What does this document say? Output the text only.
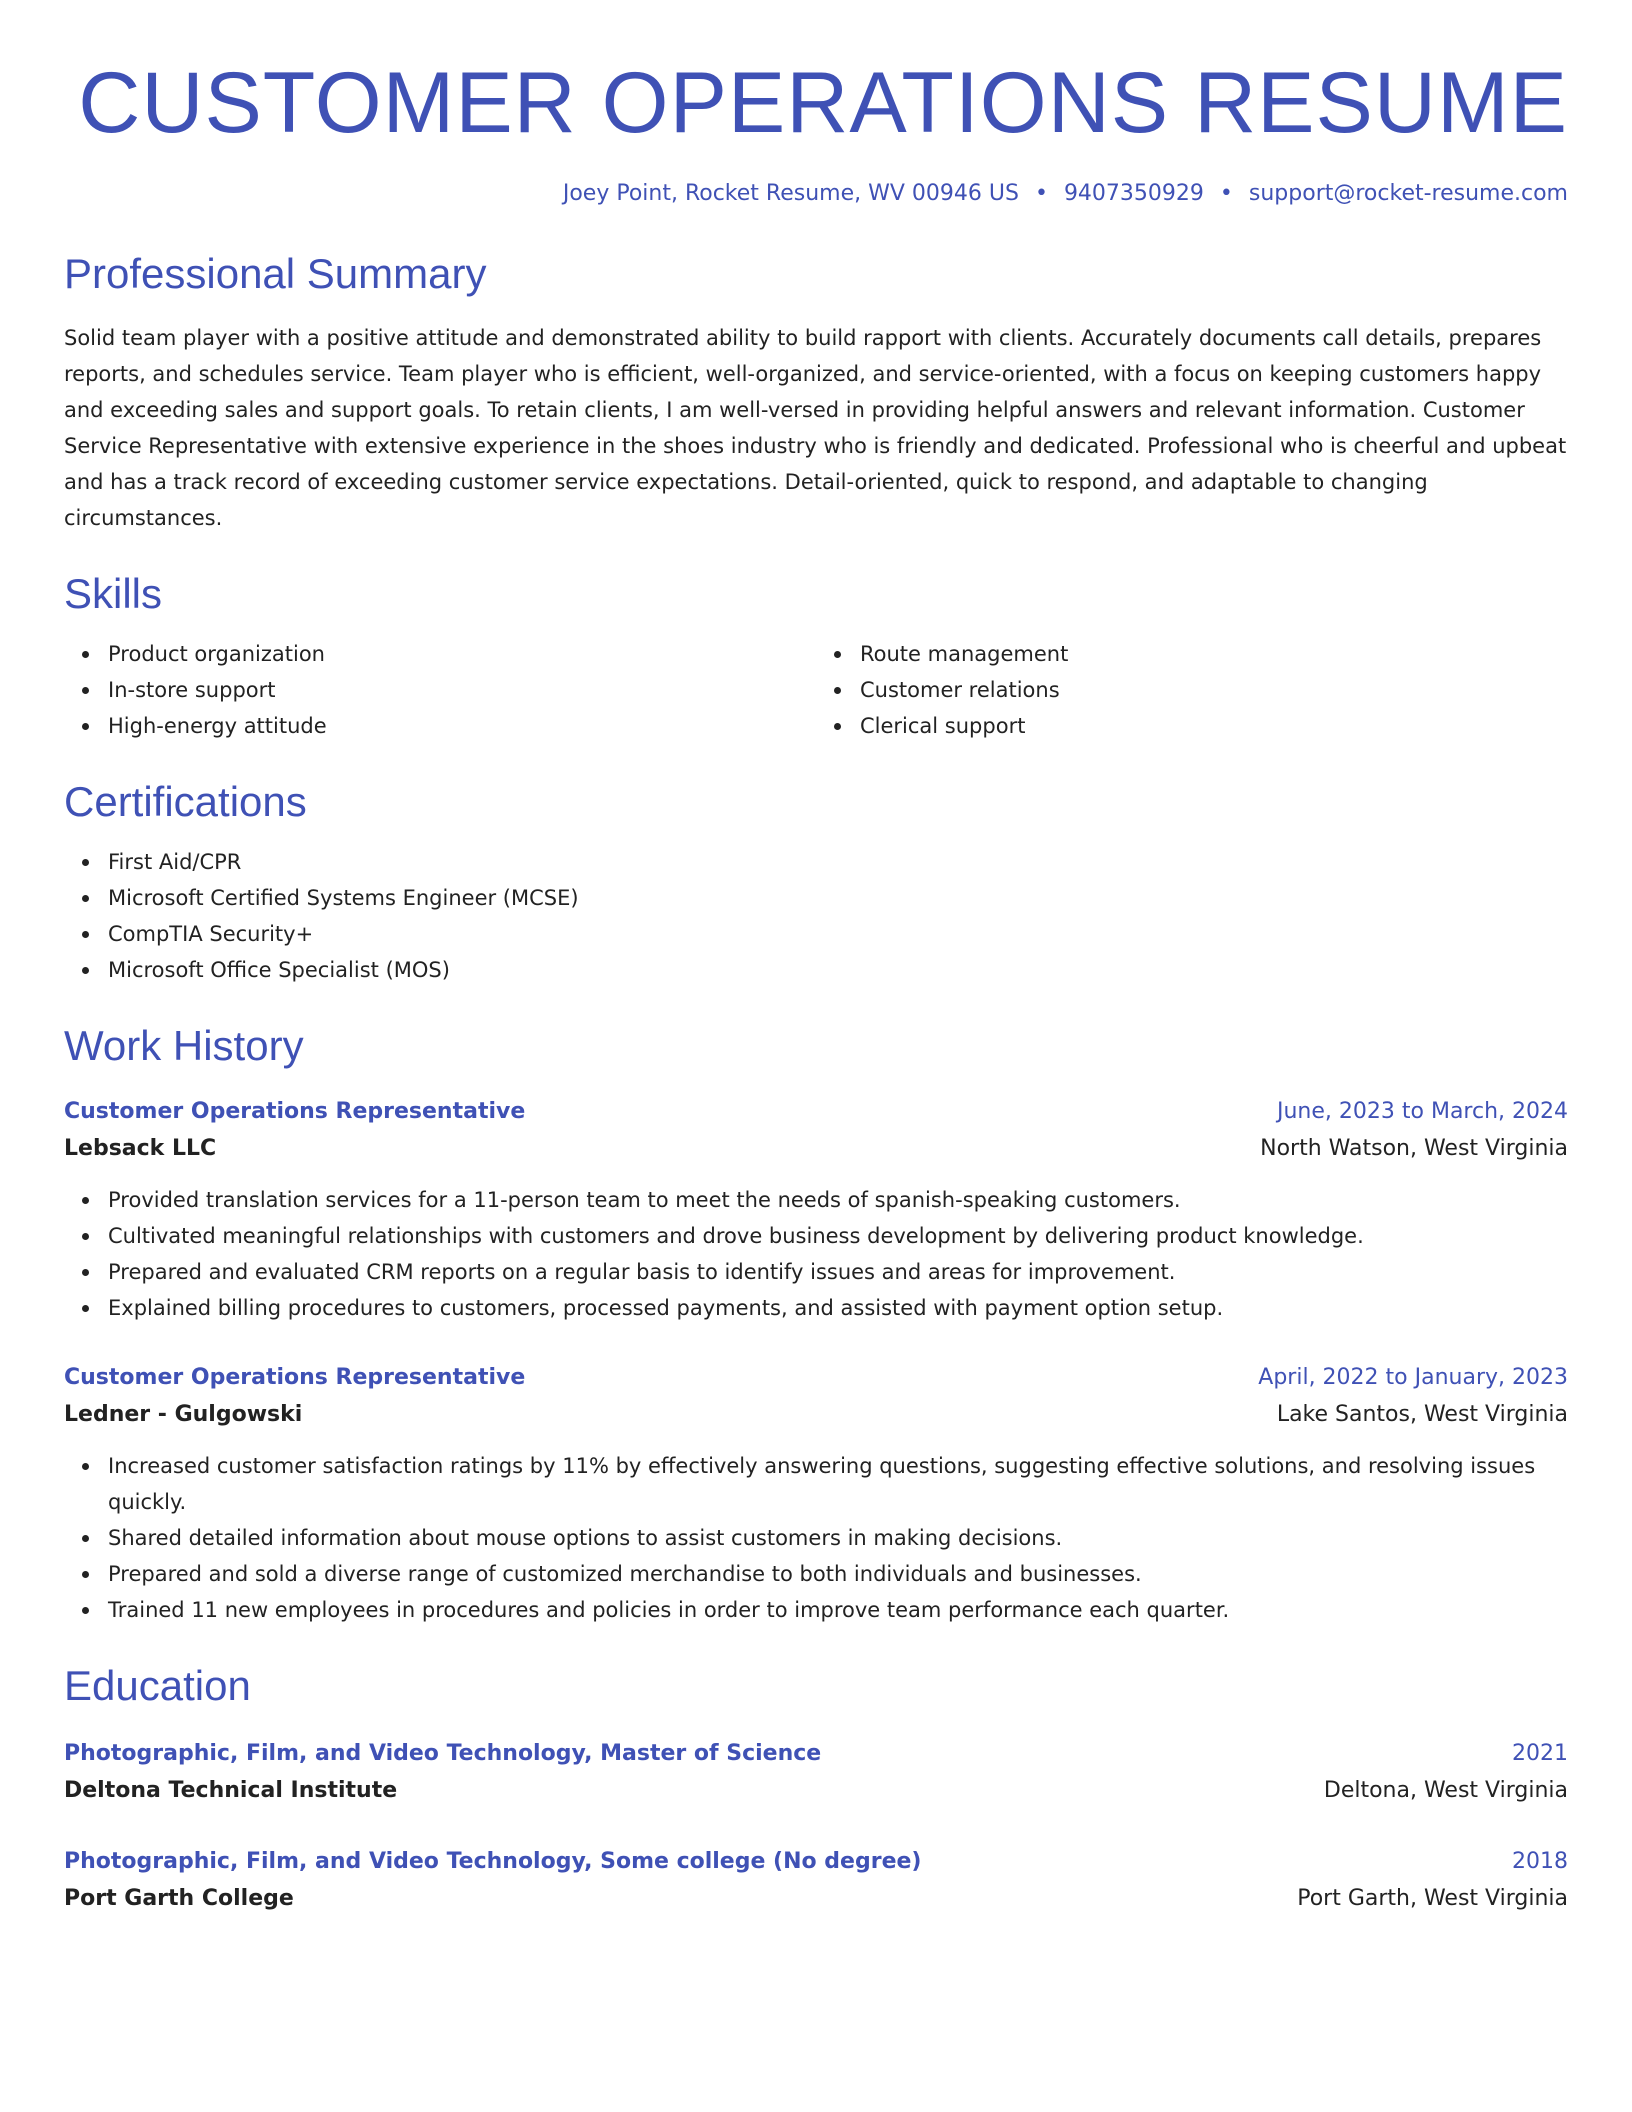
CUSTOMER OPERATIONS RESUME
Joey Point, Rocket Resume, WV 00946 US • 9407350929 • support@rocket-resume.com
Professional Summary

Solid team player with a positive attitude and demonstrated ability to build rapport with clients. Accurately documents call details, prepares reports, and schedules service. Team player who is efficient, well-organized, and service-oriented, with a focus on keeping customers happy and exceeding sales and support goals. To retain clients, I am well-versed in providing helpful answers and relevant information. Customer Service Representative with extensive experience in the shoes industry who is friendly and dedicated. Professional who is cheerful and upbeat and has a track record of exceeding customer service expectations. Detail-oriented, quick to respond, and adaptable to changing circumstances.

Skills
Product organization
In-store support
High-energy attitude
Route management
Customer relations
Clerical support
Certifications
First Aid/CPR
Microsoft Certified Systems Engineer (MCSE)
CompTIA Security+
Microsoft Office Specialist (MOS)
Work History
Customer Operations Representative	June, 2023 to March, 2024
Lebsack LLC	North Watson, West Virginia
Provided translation services for a 11-person team to meet the needs of spanish-speaking customers.
Cultivated meaningful relationships with customers and drove business development by delivering product knowledge.
Prepared and evaluated CRM reports on a regular basis to identify issues and areas for improvement.
Explained billing procedures to customers, processed payments, and assisted with payment option setup.
Customer Operations Representative	April, 2022 to January, 2023
Ledner - Gulgowski	Lake Santos, West Virginia
Increased customer satisfaction ratings by 11% by effectively answering questions, suggesting effective solutions, and resolving issues quickly.
Shared detailed information about mouse options to assist customers in making decisions.
Prepared and sold a diverse range of customized merchandise to both individuals and businesses.
Trained 11 new employees in procedures and policies in order to improve team performance each quarter.
Education
Photographic, Film, and Video Technology, Master of Science	2021
Deltona Technical Institute	Deltona, West Virginia
Photographic, Film, and Video Technology, Some college (No degree)	2018
Port Garth College	Port Garth, West Virginia
